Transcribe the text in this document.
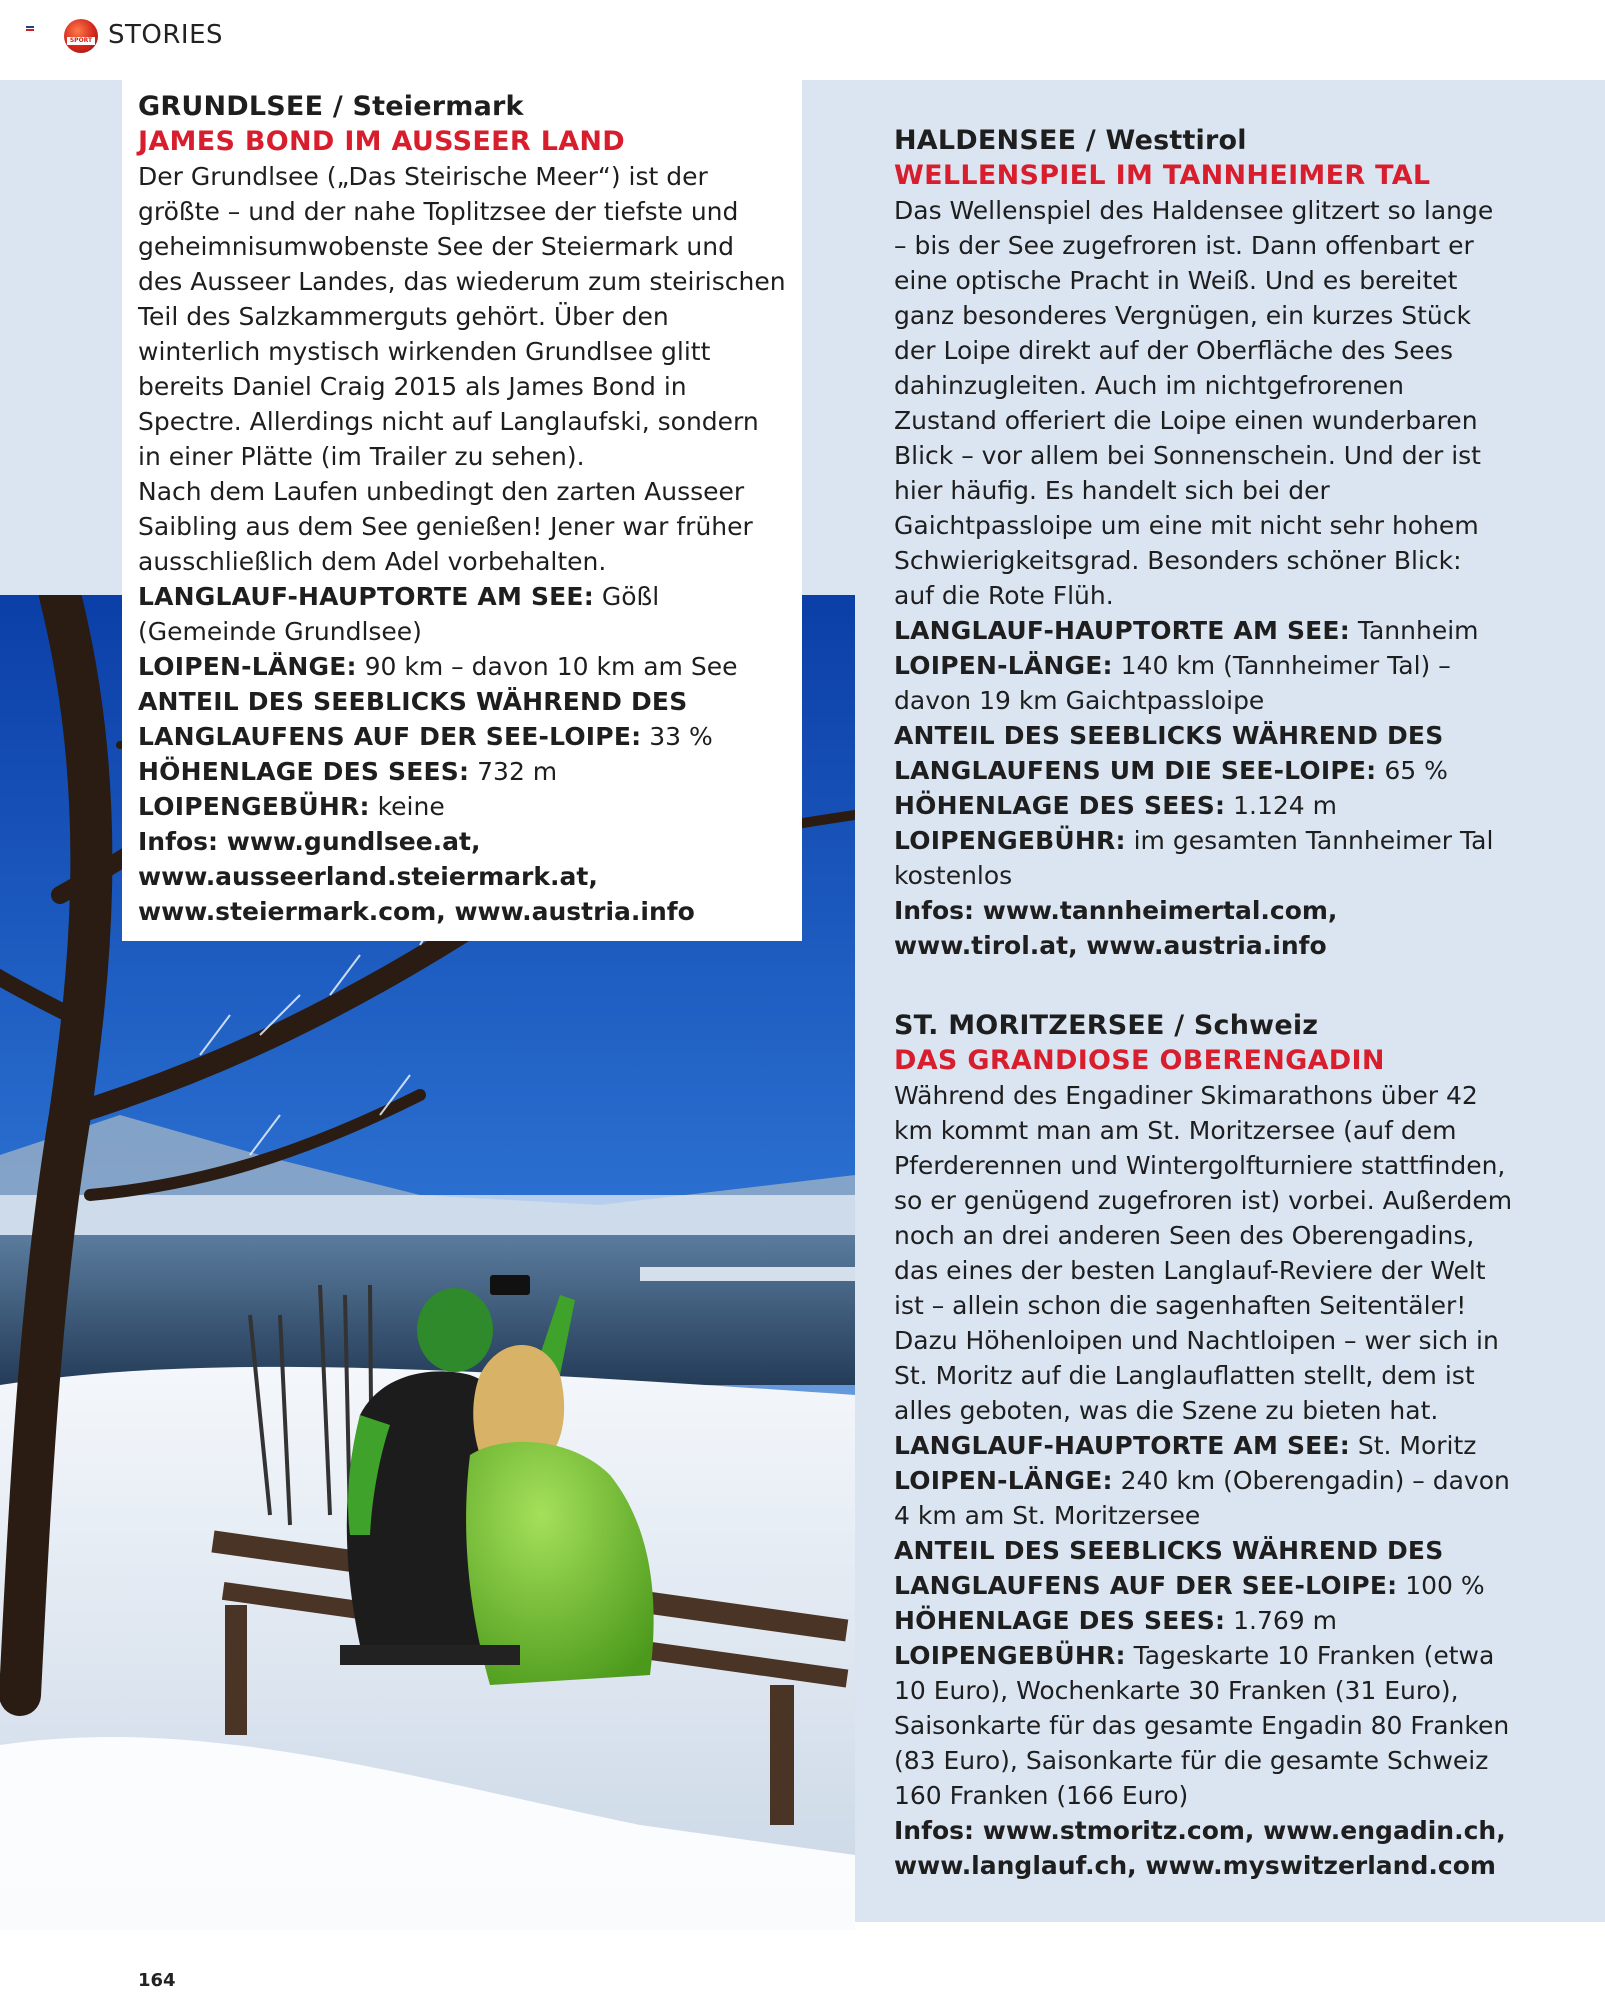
SPORT 2000 STORIES

GRUNDLSEE / Steiermark

JAMES BOND IM AUSSEER LAND

Der Grundlsee („Das Steirische Meer“) ist der größte – und der nahe Toplitzsee der tiefste und geheimnisumwobenste See der Steiermark und des Ausseer Landes, das wiederum zum steirischen Teil des Salzkammerguts gehört. Über den winterlich mystisch wirkenden Grundlsee glitt bereits Daniel Craig 2015 als James Bond in Spectre. Allerdings nicht auf Langlaufski, sondern in einer Plätte (im Trailer zu sehen).

Nach dem Laufen unbedingt den zarten Ausseer Saibling aus dem See genießen! Jener war früher ausschließlich dem Adel vorbehalten.

LANGLAUF-HAUPTORTE AM SEE: Gößl (Gemeinde Grundlsee)

LOIPEN-LÄNGE: 90 km – davon 10 km am See

ANTEIL DES SEEBLICKS WÄHREND DES LANGLAUFENS AUF DER SEE-LOIPE: 33 %

HÖHENLAGE DES SEES: 732 m

LOIPENGEBÜHR: keine

Infos: www.gundlsee.at, www.ausseerland.steiermark.at, www.steiermark.com, www.austria.info

HALDENSEE / Westtirol

WELLENSPIEL IM TANNHEIMER TAL

Das Wellenspiel des Haldensee glitzert so lange – bis der See zugefroren ist. Dann offenbart er eine optische Pracht in Weiß. Und es bereitet ganz besonderes Vergnügen, ein kurzes Stück der Loipe direkt auf der Oberfläche des Sees dahinzugleiten. Auch im nichtgefrorenen Zustand offeriert die Loipe einen wunderbaren Blick – vor allem bei Sonnenschein. Und der ist hier häufig. Es handelt sich bei der Gaichtpassloipe um eine mit nicht sehr hohem Schwierigkeitsgrad. Besonders schöner Blick: auf die Rote Flüh.

LANGLAUF-HAUPTORTE AM SEE: Tannheim

LOIPEN-LÄNGE: 140 km (Tannheimer Tal) – davon 19 km Gaichtpassloipe

ANTEIL DES SEEBLICKS WÄHREND DES LANGLAUFENS UM DIE SEE-LOIPE: 65 %

HÖHENLAGE DES SEES: 1.124 m

LOIPENGEBÜHR: im gesamten Tannheimer Tal kostenlos

Infos: www.tannheimertal.com, www.tirol.at, www.austria.info

ST. MORITZERSEE / Schweiz

DAS GRANDIOSE OBERENGADIN

Während des Engadiner Skimarathons über 42 km kommt man am St. Moritzersee (auf dem Pferderennen und Wintergolfturniere stattfinden, so er genügend zugefroren ist) vorbei. Außerdem noch an drei anderen Seen des Oberengadins, das eines der besten Langlauf-Reviere der Welt ist – allein schon die sagenhaften Seitentäler! Dazu Höhenloipen und Nachtloipen – wer sich in St. Moritz auf die Langlauflatten stellt, dem ist alles geboten, was die Szene zu bieten hat.

LANGLAUF-HAUPTORTE AM SEE: St. Moritz

LOIPEN-LÄNGE: 240 km (Oberengadin) – davon 4 km am St. Moritzersee

ANTEIL DES SEEBLICKS WÄHREND DES LANGLAUFENS AUF DER SEE-LOIPE: 100 %

HÖHENLAGE DES SEES: 1.769 m

LOIPENGEBÜHR: Tageskarte 10 Franken (etwa 10 Euro), Wochenkarte 30 Franken (31 Euro), Saisonkarte für das gesamte Engadin 80 Franken (83 Euro), Saisonkarte für die gesamte Schweiz 160 Franken (166 Euro)

Infos: www.stmoritz.com, www.engadin.ch, www.langlauf.ch, www.myswitzerland.com

164
